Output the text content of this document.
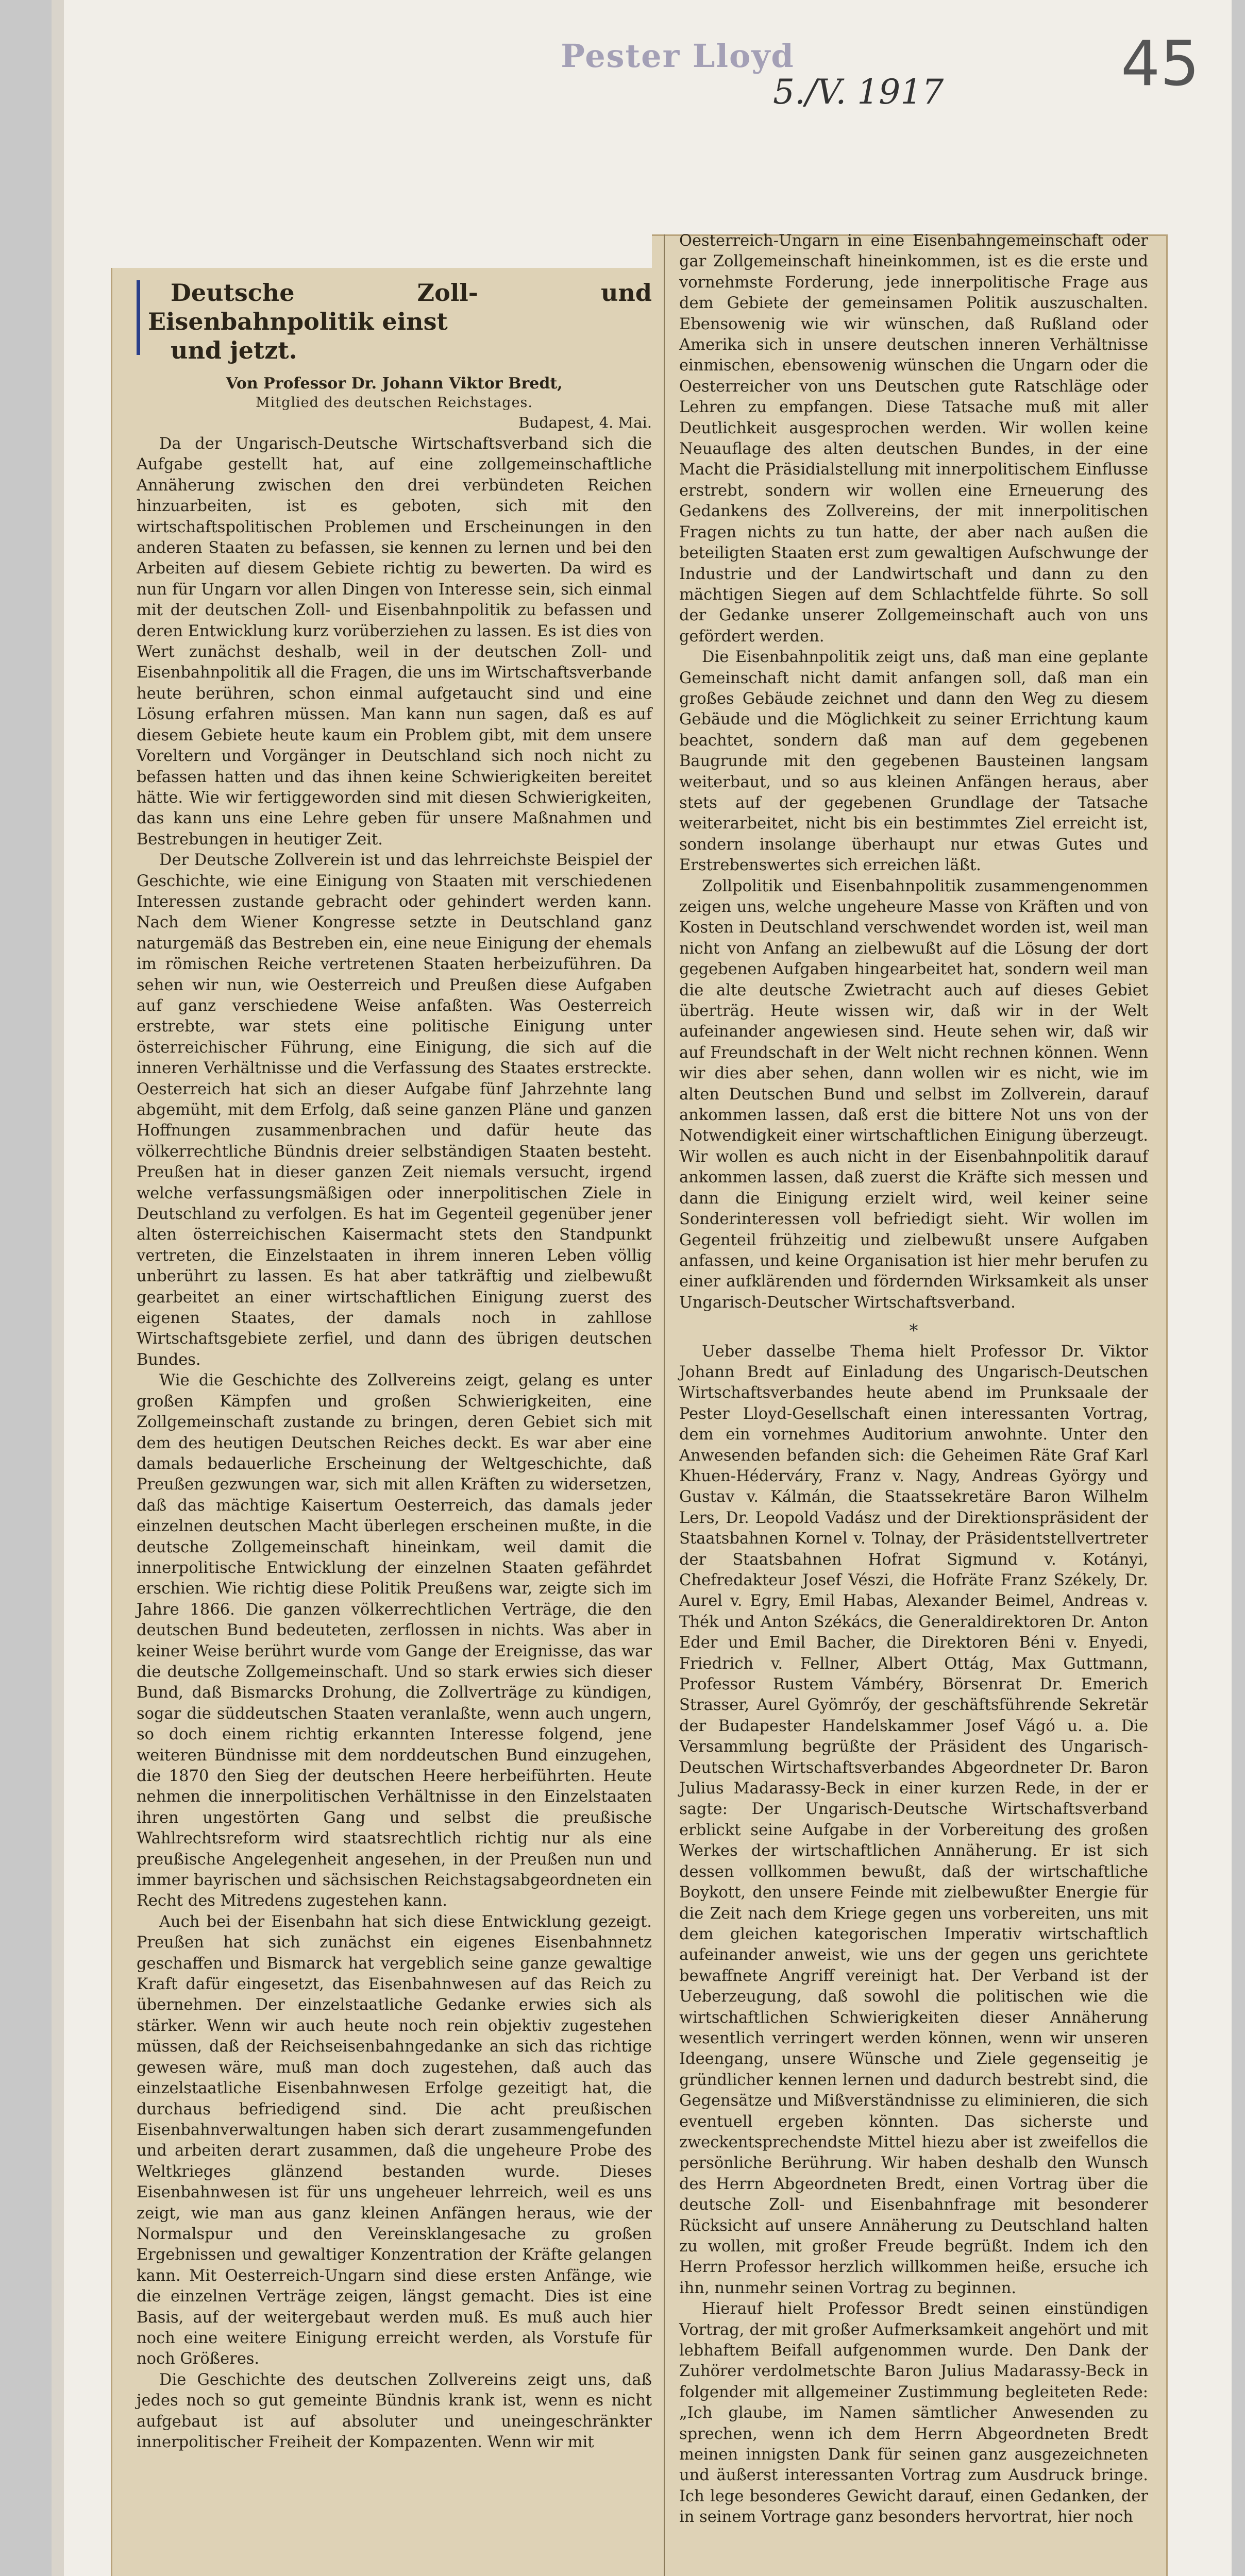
Pester Lloyd
5./V. 1917	45

Deutsche Zoll- und Eisenbahnpolitik einst

und jetzt.

Von Professor Dr. Johann Viktor Bredt,
Mitglied des deutschen Reichstages.
Budapest, 4. Mai.

Da der Ungarisch-Deutsche Wirtschaftsverband sich die Aufgabe gestellt hat, auf eine zollgemeinschaftliche Annäherung zwischen den drei verbündeten Reichen hinzuarbeiten, ist es geboten, sich mit den wirtschaftspolitischen Problemen und Erscheinungen in den anderen Staaten zu befassen, sie kennen zu lernen und bei den Arbeiten auf diesem Gebiete richtig zu bewerten. Da wird es nun für Ungarn vor allen Dingen von Interesse sein, sich einmal mit der deutschen Zoll- und Eisenbahnpolitik zu befassen und deren Entwicklung kurz vorüberziehen zu lassen. Es ist dies von Wert zunächst deshalb, weil in der deutschen Zoll- und Eisenbahnpolitik all die Fragen, die uns im Wirtschaftsverbande heute berühren, schon einmal aufgetaucht sind und eine Lösung erfahren müssen. Man kann nun sagen, daß es auf diesem Gebiete heute kaum ein Problem gibt, mit dem unsere Voreltern und Vorgänger in Deutschland sich noch nicht zu befassen hatten und das ihnen keine Schwierigkeiten bereitet hätte. Wie wir fertiggeworden sind mit diesen Schwierigkeiten, das kann uns eine Lehre geben für unsere Maßnahmen und Bestrebungen in heutiger Zeit.

Der Deutsche Zollverein ist und das lehrreichste Beispiel der Geschichte, wie eine Einigung von Staaten mit verschiedenen Interessen zustande gebracht oder gehindert werden kann. Nach dem Wiener Kongresse setzte in Deutschland ganz naturgemäß das Bestreben ein, eine neue Einigung der ehemals im römischen Reiche vertretenen Staaten herbeizuführen. Da sehen wir nun, wie Oesterreich und Preußen diese Aufgaben auf ganz verschiedene Weise anfaßten. Was Oesterreich erstrebte, war stets eine politische Einigung unter österreichischer Führung, eine Einigung, die sich auf die inneren Verhältnisse und die Verfassung des Staates erstreckte. Oesterreich hat sich an dieser Aufgabe fünf Jahrzehnte lang abgemüht, mit dem Erfolg, daß seine ganzen Pläne und ganzen Hoffnungen zusammenbrachen und dafür heute das völkerrechtliche Bündnis dreier selbständigen Staaten besteht. Preußen hat in dieser ganzen Zeit niemals versucht, irgend welche verfassungsmäßigen oder innerpolitischen Ziele in Deutschland zu verfolgen. Es hat im Gegenteil gegenüber jener alten österreichischen Kaisermacht stets den Standpunkt vertreten, die Einzelstaaten in ihrem inneren Leben völlig unberührt zu lassen. Es hat aber tatkräftig und zielbewußt gearbeitet an einer wirtschaftlichen Einigung zuerst des eigenen Staates, der damals noch in zahllose Wirtschaftsgebiete zerfiel, und dann des übrigen deutschen Bundes.

Wie die Geschichte des Zollvereins zeigt, gelang es unter großen Kämpfen und großen Schwierigkeiten, eine Zollgemeinschaft zustande zu bringen, deren Gebiet sich mit dem des heutigen Deutschen Reiches deckt. Es war aber eine damals bedauerliche Erscheinung der Weltgeschichte, daß Preußen gezwungen war, sich mit allen Kräften zu widersetzen, daß das mächtige Kaisertum Oesterreich, das damals jeder einzelnen deutschen Macht überlegen erscheinen mußte, in die deutsche Zollgemeinschaft hineinkam, weil damit die innerpolitische Entwicklung der einzelnen Staaten gefährdet erschien. Wie richtig diese Politik Preußens war, zeigte sich im Jahre 1866. Die ganzen völkerrechtlichen Verträge, die den deutschen Bund bedeuteten, zerflossen in nichts. Was aber in keiner Weise berührt wurde vom Gange der Ereignisse, das war die deutsche Zollgemeinschaft. Und so stark erwies sich dieser Bund, daß Bismarcks Drohung, die Zollverträge zu kündigen, sogar die süddeutschen Staaten veranlaßte, wenn auch ungern, so doch einem richtig erkannten Interesse folgend, jene weiteren Bündnisse mit dem norddeutschen Bund einzugehen, die 1870 den Sieg der deutschen Heere herbeiführten. Heute nehmen die innerpolitischen Verhältnisse in den Einzelstaaten ihren ungestörten Gang und selbst die preußische Wahlrechtsreform wird staatsrechtlich richtig nur als eine preußische Angelegenheit angesehen, in der Preußen nun und immer bayrischen und sächsischen Reichstagsabgeordneten ein Recht des Mitredens zugestehen kann.

Auch bei der Eisenbahn hat sich diese Entwicklung gezeigt. Preußen hat sich zunächst ein eigenes Eisenbahnnetz geschaffen und Bismarck hat vergeblich seine ganze gewaltige Kraft dafür eingesetzt, das Eisenbahnwesen auf das Reich zu übernehmen. Der einzelstaatliche Gedanke erwies sich als stärker. Wenn wir auch heute noch rein objektiv zugestehen müssen, daß der Reichseisenbahngedanke an sich das richtige gewesen wäre, muß man doch zugestehen, daß auch das einzelstaatliche Eisenbahnwesen Erfolge gezeitigt hat, die durchaus befriedigend sind. Die acht preußischen Eisenbahnverwaltungen haben sich derart zusammengefunden und arbeiten derart zusammen, daß die ungeheure Probe des Weltkrieges glänzend bestanden wurde. Dieses Eisenbahnwesen ist für uns ungeheuer lehrreich, weil es uns zeigt, wie man aus ganz kleinen Anfängen heraus, wie der Normalspur und den Vereinsklangesache zu großen Ergebnissen und gewaltiger Konzentration der Kräfte gelangen kann. Mit Oesterreich-Ungarn sind diese ersten Anfänge, wie die einzelnen Verträge zeigen, längst gemacht. Dies ist eine Basis, auf der weitergebaut werden muß. Es muß auch hier noch eine weitere Einigung erreicht werden, als Vorstufe für noch Größeres.

Die Geschichte des deutschen Zollvereins zeigt uns, daß jedes noch so gut gemeinte Bündnis krank ist, wenn es nicht aufgebaut ist auf absoluter und uneingeschränkter innerpolitischer Freiheit der Kompazenten. Wenn wir mit

Oesterreich-Ungarn in eine Eisenbahngemeinschaft oder gar Zollgemeinschaft hineinkommen, ist es die erste und vornehmste Forderung, jede innerpolitische Frage aus dem Gebiete der gemeinsamen Politik auszuschalten. Ebensowenig wie wir wünschen, daß Rußland oder Amerika sich in unsere deutschen inneren Verhältnisse einmischen, ebensowenig wünschen die Ungarn oder die Oesterreicher von uns Deutschen gute Ratschläge oder Lehren zu empfangen. Diese Tatsache muß mit aller Deutlichkeit ausgesprochen werden. Wir wollen keine Neuauflage des alten deutschen Bundes, in der eine Macht die Präsidialstellung mit innerpolitischem Einflusse erstrebt, sondern wir wollen eine Erneuerung des Gedankens des Zollvereins, der mit innerpolitischen Fragen nichts zu tun hatte, der aber nach außen die beteiligten Staaten erst zum gewaltigen Aufschwunge der Industrie und der Landwirtschaft und dann zu den mächtigen Siegen auf dem Schlachtfelde führte. So soll der Gedanke unserer Zollgemeinschaft auch von uns gefördert werden.

Die Eisenbahnpolitik zeigt uns, daß man eine geplante Gemeinschaft nicht damit anfangen soll, daß man ein großes Gebäude zeichnet und dann den Weg zu diesem Gebäude und die Möglichkeit zu seiner Errichtung kaum beachtet, sondern daß man auf dem gegebenen Baugrunde mit den gegebenen Bausteinen langsam weiterbaut, und so aus kleinen Anfängen heraus, aber stets auf der gegebenen Grundlage der Tatsache weiterarbeitet, nicht bis ein bestimmtes Ziel erreicht ist, sondern insolange überhaupt nur etwas Gutes und Erstrebenswertes sich erreichen läßt.

Zollpolitik und Eisenbahnpolitik zusammengenommen zeigen uns, welche ungeheure Masse von Kräften und von Kosten in Deutschland verschwendet worden ist, weil man nicht von Anfang an zielbewußt auf die Lösung der dort gegebenen Aufgaben hingearbeitet hat, sondern weil man die alte deutsche Zwietracht auch auf dieses Gebiet überträg. Heute wissen wir, daß wir in der Welt aufeinander angewiesen sind. Heute sehen wir, daß wir auf Freundschaft in der Welt nicht rechnen können. Wenn wir dies aber sehen, dann wollen wir es nicht, wie im alten Deutschen Bund und selbst im Zollverein, darauf ankommen lassen, daß erst die bittere Not uns von der Notwendigkeit einer wirtschaftlichen Einigung überzeugt. Wir wollen es auch nicht in der Eisenbahnpolitik darauf ankommen lassen, daß zuerst die Kräfte sich messen und dann die Einigung erzielt wird, weil keiner seine Sonderinteressen voll befriedigt sieht. Wir wollen im Gegenteil frühzeitig und zielbewußt unsere Aufgaben anfassen, und keine Organisation ist hier mehr berufen zu einer aufklärenden und fördernden Wirksamkeit als unser Ungarisch-Deutscher Wirtschaftsverband.

*

Ueber dasselbe Thema hielt Professor Dr. Viktor Johann Bredt auf Einladung des Ungarisch-Deutschen Wirtschaftsverbandes heute abend im Prunksaale der Pester Lloyd-Gesellschaft einen interessanten Vortrag, dem ein vornehmes Auditorium anwohnte. Unter den Anwesenden befanden sich: die Geheimen Räte Graf Karl Khuen-Héderváry, Franz v. Nagy, Andreas György und Gustav v. Kálmán, die Staatssekretäre Baron Wilhelm Lers, Dr. Leopold Vadász und der Direktionspräsident der Staatsbahnen Kornel v. Tolnay, der Präsidentstellvertreter der Staatsbahnen Hofrat Sigmund v. Kotányi, Chefredakteur Josef Vészi, die Hofräte Franz Székely, Dr. Aurel v. Egry, Emil Habas, Alexander Beimel, Andreas v. Thék und Anton Székács, die Generaldirektoren Dr. Anton Eder und Emil Bacher, die Direktoren Béni v. Enyedi, Friedrich v. Fellner, Albert Ottág, Max Guttmann, Professor Rustem Vámbéry, Börsenrat Dr. Emerich Strasser, Aurel Gyömrőy, der geschäftsführende Sekretär der Budapester Handelskammer Josef Vágó u. a. Die Versammlung begrüßte der Präsident des Ungarisch-Deutschen Wirtschaftsverbandes Abgeordneter Dr. Baron Julius Madarassy-Beck in einer kurzen Rede, in der er sagte: Der Ungarisch-Deutsche Wirtschaftsverband erblickt seine Aufgabe in der Vorbereitung des großen Werkes der wirtschaftlichen Annäherung. Er ist sich dessen vollkommen bewußt, daß der wirtschaftliche Boykott, den unsere Feinde mit zielbewußter Energie für die Zeit nach dem Kriege gegen uns vorbereiten, uns mit dem gleichen kategorischen Imperativ wirtschaftlich aufeinander anweist, wie uns der gegen uns gerichtete bewaffnete Angriff vereinigt hat. Der Verband ist der Ueberzeugung, daß sowohl die politischen wie die wirtschaftlichen Schwierigkeiten dieser Annäherung wesentlich verringert werden können, wenn wir unseren Ideengang, unsere Wünsche und Ziele gegenseitig je gründlicher kennen lernen und dadurch bestrebt sind, die Gegensätze und Mißverständnisse zu eliminieren, die sich eventuell ergeben könnten. Das sicherste und zweckentsprechendste Mittel hiezu aber ist zweifellos die persönliche Berührung. Wir haben deshalb den Wunsch des Herrn Abgeordneten Bredt, einen Vortrag über die deutsche Zoll- und Eisenbahnfrage mit besonderer Rücksicht auf unsere Annäherung zu Deutschland halten zu wollen, mit großer Freude begrüßt. Indem ich den Herrn Professor herzlich willkommen heiße, ersuche ich ihn, nunmehr seinen Vortrag zu beginnen.

Hierauf hielt Professor Bredt seinen einstündigen Vortrag, der mit großer Aufmerksamkeit angehört und mit lebhaftem Beifall aufgenommen wurde. Den Dank der Zuhörer verdolmetschte Baron Julius Madarassy-Beck in folgender mit allgemeiner Zustimmung begleiteten Rede: „Ich glaube, im Namen sämtlicher Anwesenden zu sprechen, wenn ich dem Herrn Abgeordneten Bredt meinen innigsten Dank für seinen ganz ausgezeichneten und äußerst interessanten Vortrag zum Ausdruck bringe. Ich lege besonderes Gewicht darauf, einen Gedanken, der in seinem Vortrage ganz besonders hervortrat, hier noch
